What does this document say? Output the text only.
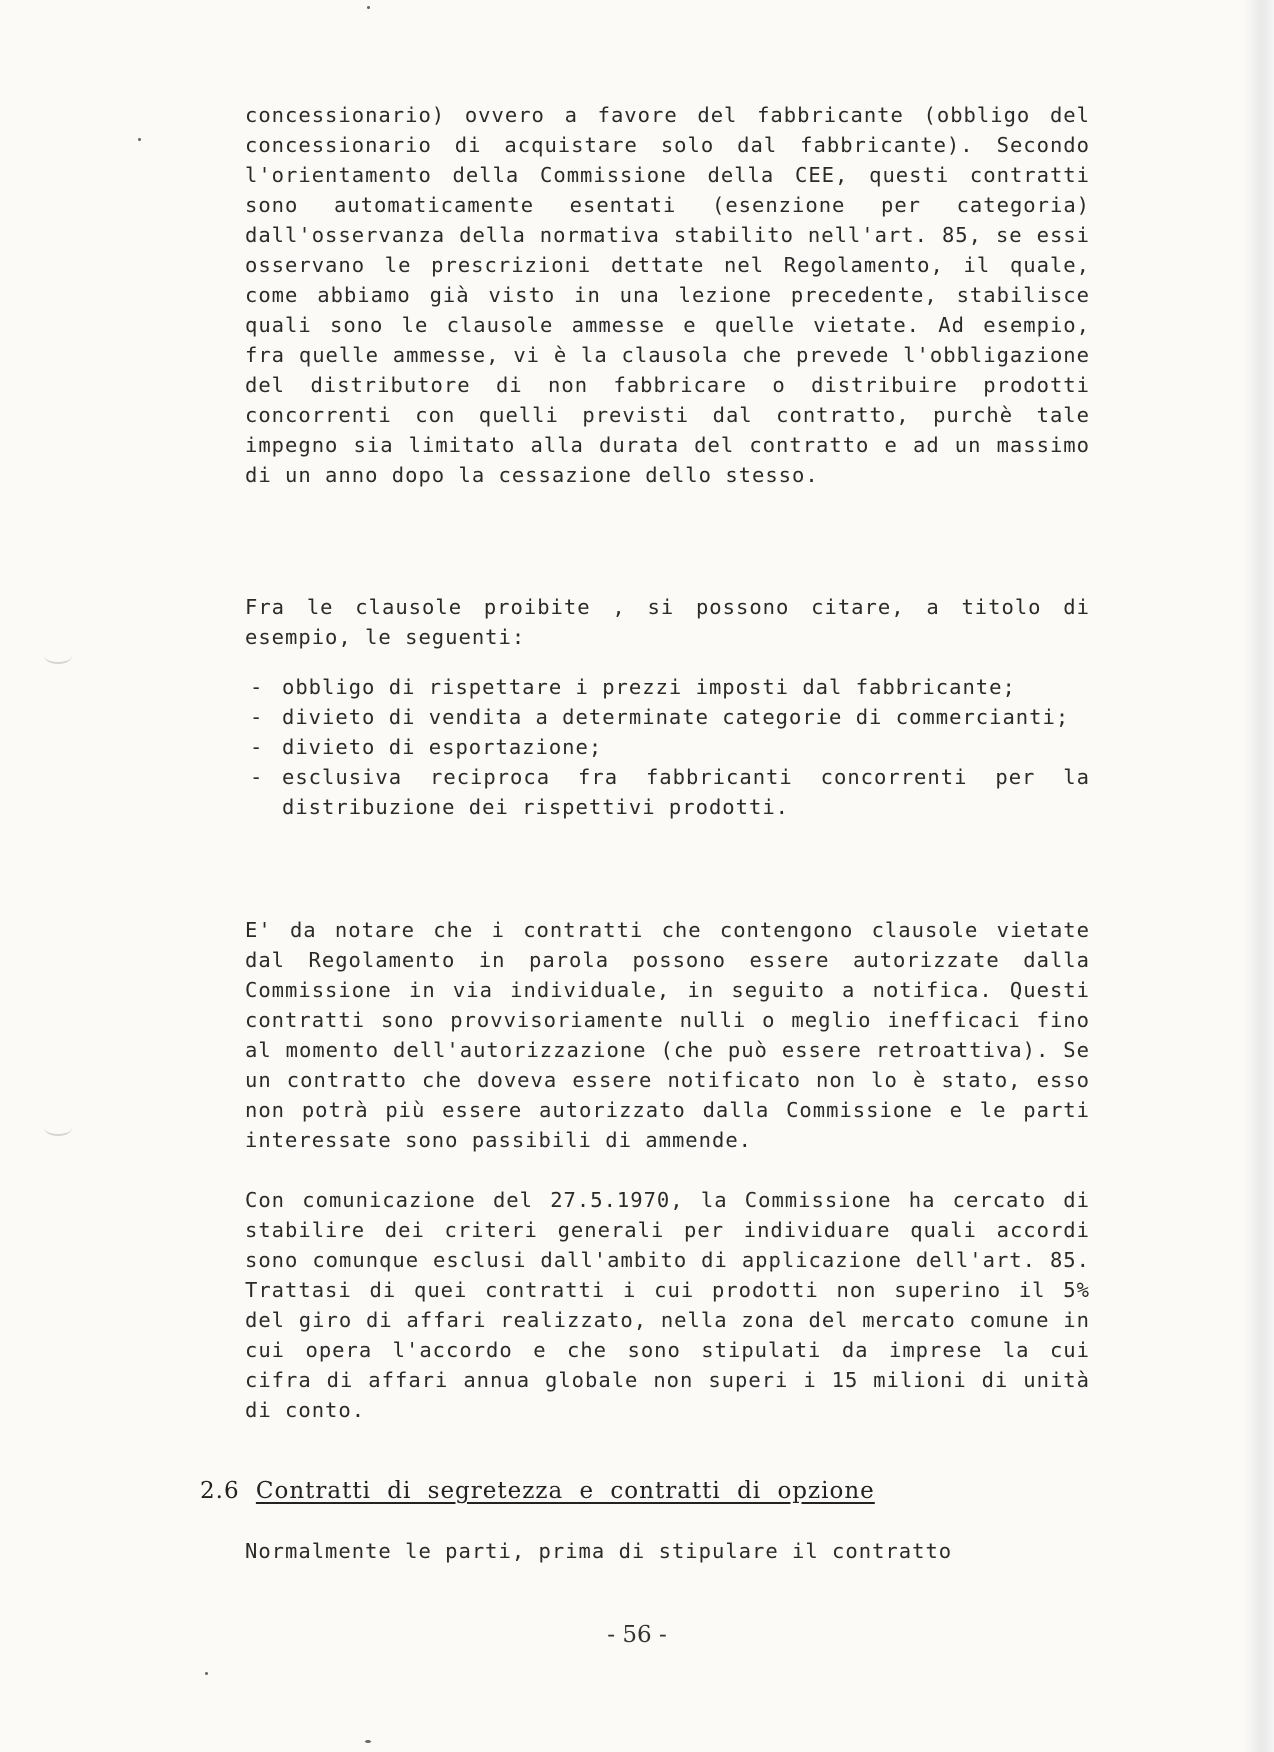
concessionario) ovvero a favore del fabbricante (obbligo del concessionario di acquistare solo dal fabbricante). Secondo l'orientamento della Commissione della CEE, questi contratti sono automaticamente esentati (esenzione per categoria) dall'osservanza della normativa stabilito nell'art. 85, se essi osservano le prescrizioni dettate nel Regolamento, il quale, come abbiamo già visto in una lezione precedente, stabilisce quali sono le clausole ammesse e quelle vietate. Ad esempio, fra quelle ammesse, vi è la clausola che prevede l'obbligazione del distributore di non fabbricare o distribuire prodotti concorrenti con quelli previsti dal contratto, purchè tale impegno sia limitato alla durata del contratto e ad un massimo di un anno dopo la cessazione dello stesso.

Fra le clausole proibite , si possono citare, a titolo di esempio, le seguenti:

- obbligo di rispettare i prezzi imposti dal fabbricante;
- divieto di vendita a determinate categorie di commercianti;
- divieto di esportazione;
- esclusiva reciproca fra fabbricanti concorrenti per la distribuzione dei rispettivi prodotti.

E' da notare che i contratti che contengono clausole vietate dal Regolamento in parola possono essere autorizzate dalla Commissione in via individuale, in seguito a notifica. Questi contratti sono provvisoriamente nulli o meglio inefficaci fino al momento dell'autorizzazione (che può essere retroattiva). Se un contratto che doveva essere notificato non lo è stato, esso non potrà più essere autorizzato dalla Commissione e le parti interessate sono passibili di ammende.

Con comunicazione del 27.5.1970, la Commissione ha cercato di stabilire dei criteri generali per individuare quali accordi sono comunque esclusi dall'ambito di applicazione dell'art. 85. Trattasi di quei contratti i cui prodotti non superino il 5% del giro di affari realizzato, nella zona del mercato comune in cui opera l'accordo e che sono stipulati da imprese la cui cifra di affari annua globale non superi i 15 milioni di unità di conto.

2.6 Contratti di segretezza e contratti di opzione

Normalmente le parti, prima di stipulare il contratto

- 56 -
